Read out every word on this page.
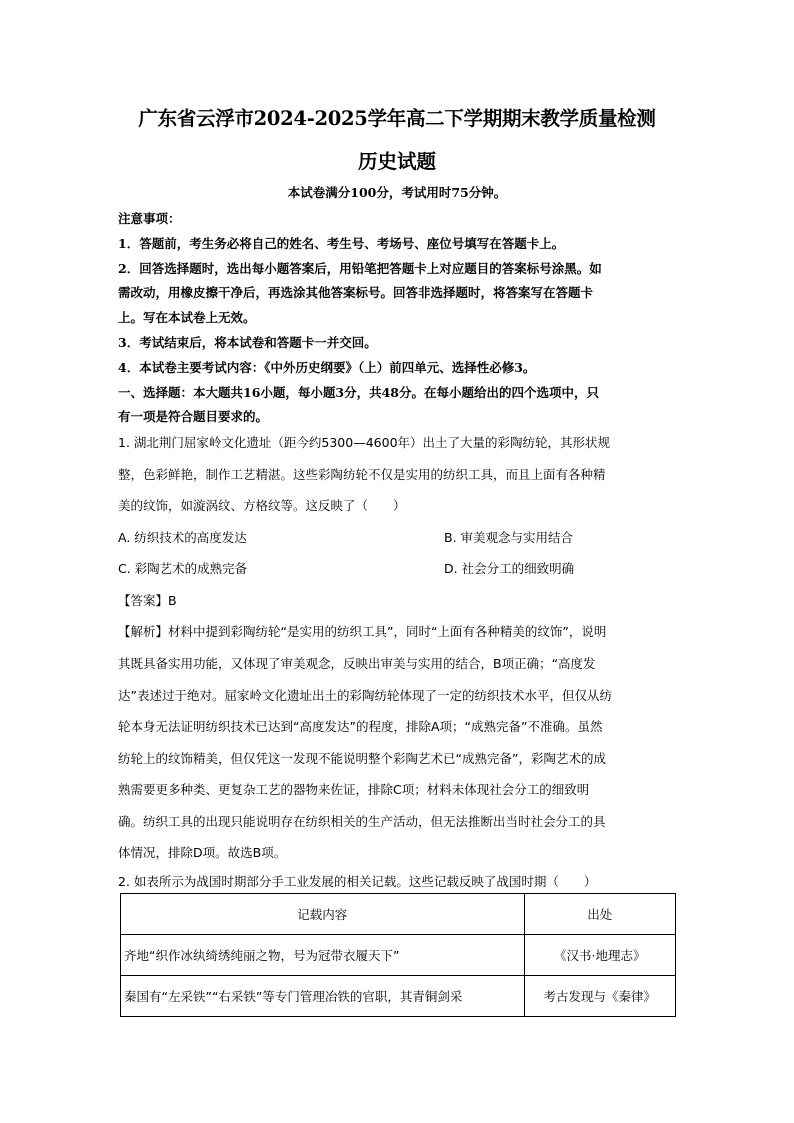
广东省云浮市2024-2025学年高二下学期期末教学质量检测
历史试题
本试卷满分100分，考试用时75分钟。
注意事项：
1．答题前，考生务必将自己的姓名、考生号、考场号、座位号填写在答题卡上。
2．回答选择题时，选出每小题答案后，用铅笔把答题卡上对应题目的答案标号涂黑。如
需改动，用橡皮擦干净后，再选涂其他答案标号。回答非选择题时，将答案写在答题卡
上。写在本试卷上无效。
3．考试结束后，将本试卷和答题卡一并交回。
4．本试卷主要考试内容：《中外历史纲要》（上）前四单元、选择性必修3。
一、选择题：本大题共16小题，每小题3分，共48分。在每小题给出的四个选项中，只
有一项是符合题目要求的。
1. 湖北荆门屈家岭文化遗址（距今约5300—4600年）出土了大量的彩陶纺轮，其形状规
整，色彩鲜艳，制作工艺精湛。这些彩陶纺轮不仅是实用的纺织工具，而且上面有各种精
美的纹饰，如漩涡纹、方格纹等。这反映了（　　）
A. 纺织技术的高度发达	B. 审美观念与实用结合
C. 彩陶艺术的成熟完备	D. 社会分工的细致明确
【答案】B
【解析】材料中提到彩陶纺轮“是实用的纺织工具”，同时“上面有各种精美的纹饰”，说明
其既具备实用功能，又体现了审美观念，反映出审美与实用的结合，B项正确；“高度发
达”表述过于绝对。屈家岭文化遗址出土的彩陶纺轮体现了一定的纺织技术水平，但仅从纺
轮本身无法证明纺织技术已达到“高度发达”的程度，排除A项；“成熟完备”不准确。虽然
纺轮上的纹饰精美，但仅凭这一发现不能说明整个彩陶艺术已“成熟完备”，彩陶艺术的成
熟需要更多种类、更复杂工艺的器物来佐证，排除C项；材料未体现社会分工的细致明
确。纺织工具的出现只能说明存在纺织相关的生产活动，但无法推断出当时社会分工的具
体情况，排除D项。故选B项。
2. 如表所示为战国时期部分手工业发展的相关记载。这些记载反映了战国时期（　　）
记载内容	出处
齐地“织作冰纨绮绣纯丽之物，号为冠带衣履天下”	《汉书·地理志》
秦国有“左采铁”“右采铁”等专门管理冶铁的官职，其青铜剑采	考古发现与《秦律》
